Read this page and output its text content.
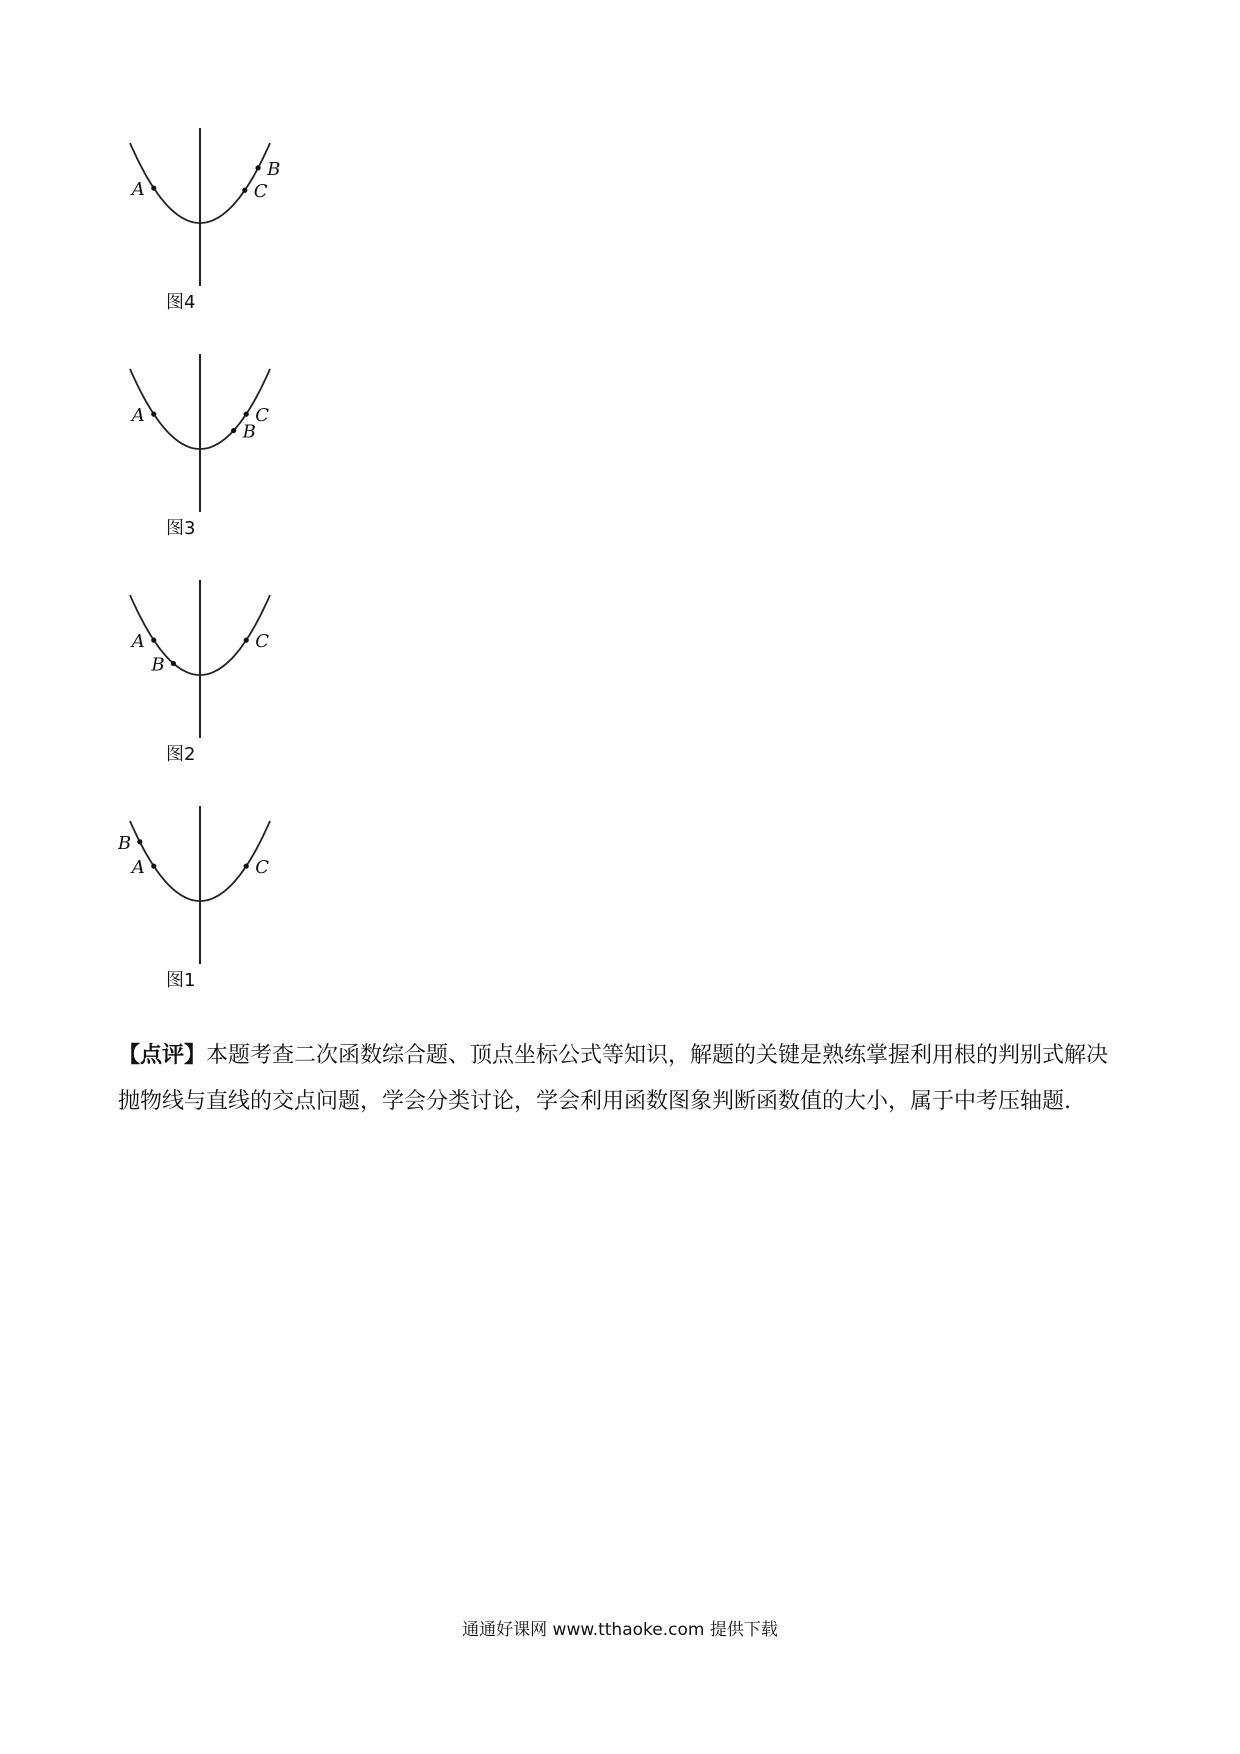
A
B
C
图4
A	C
B
图3
A
B
C
图2
B
A	C
图1

【点评】本题考查二次函数综合题、顶点坐标公式等知识，解题的关键是熟练掌握利用根的判别式解决抛物线与直线的交点问题，学会分类讨论，学会利用函数图象判断函数值的大小，属于中考压轴题.

通通好课网 www.tthaoke.com 提供下载
